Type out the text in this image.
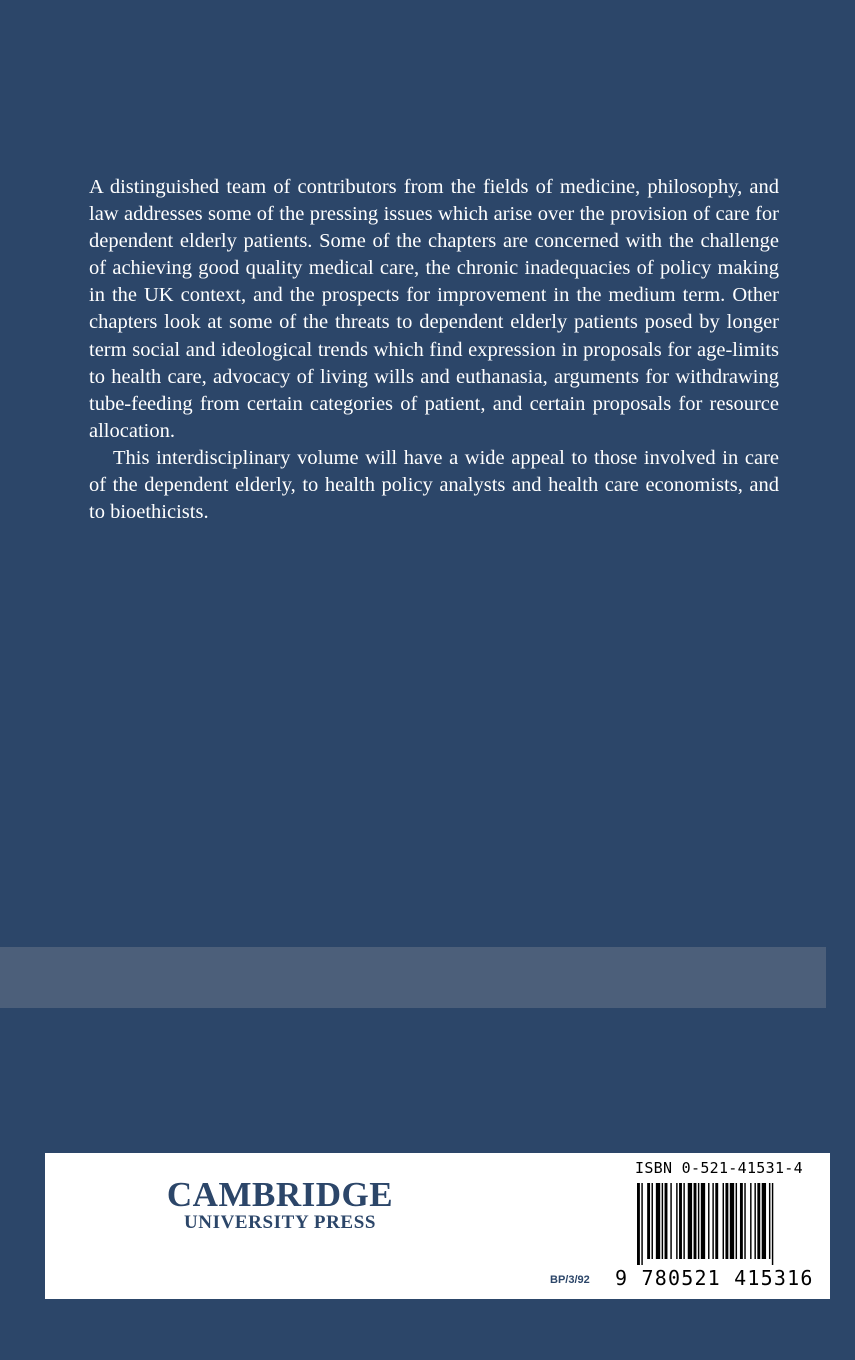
A distinguished team of contributors from the fields of medicine, philosophy, and law addresses some of the pressing issues which arise over the provision of care for dependent elderly patients. Some of the chapters are concerned with the challenge of achieving good quality medical care, the chronic inadequacies of policy making in the UK context, and the prospects for improvement in the medium term. Other chapters look at some of the threats to dependent elderly patients posed by longer term social and ideological trends which find expression in proposals for age-limits to health care, advocacy of living wills and euthanasia, arguments for withdrawing tube-feeding from certain categories of patient, and certain proposals for resource allocation.

This interdisciplinary volume will have a wide appeal to those involved in care of the dependent elderly, to health policy analysts and health care economists, and to bioethicists.

CAMBRIDGE
UNIVERSITY PRESS
ISBN 0-521-41531-4
BP/3/92 9 780521 415316
